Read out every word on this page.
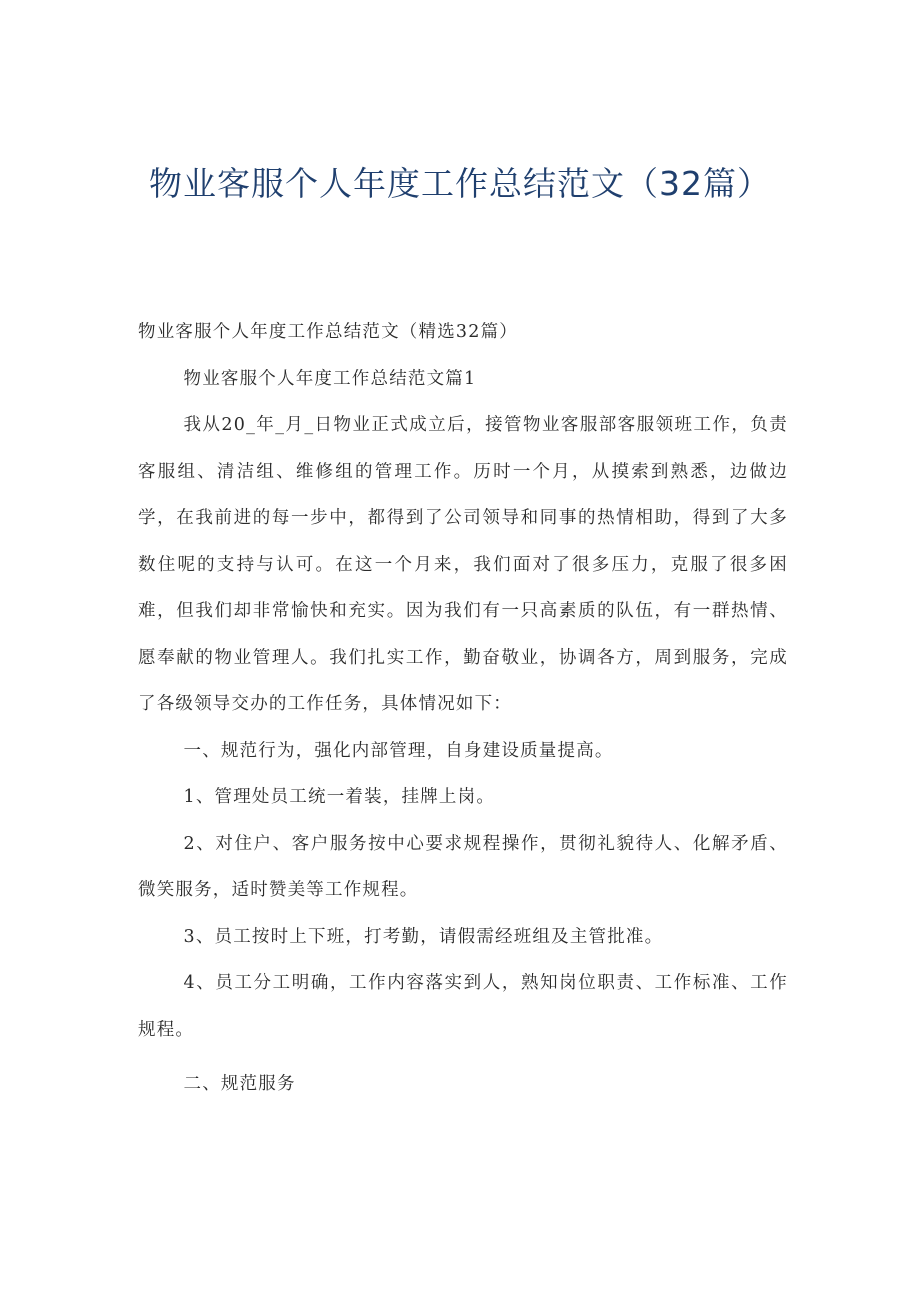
物业客服个人年度工作总结范文（32篇）

物业客服个人年度工作总结范文（精选32篇）

物业客服个人年度工作总结范文篇1

我从20_年_月_日物业正式成立后，接管物业客服部客服领班工作，负责客服组、清洁组、维修组的管理工作。历时一个月，从摸索到熟悉，边做边学，在我前进的每一步中，都得到了公司领导和同事的热情相助，得到了大多数住呢的支持与认可。在这一个月来，我们面对了很多压力，克服了很多困难，但我们却非常愉快和充实。因为我们有一只高素质的队伍，有一群热情、愿奉献的物业管理人。我们扎实工作，勤奋敬业，协调各方，周到服务，完成了各级领导交办的工作任务，具体情况如下：

一、规范行为，强化内部管理，自身建设质量提高。

1、管理处员工统一着装，挂牌上岗。

2、对住户、客户服务按中心要求规程操作，贯彻礼貌待人、化解矛盾、微笑服务，适时赞美等工作规程。

3、员工按时上下班，打考勤，请假需经班组及主管批准。

4、员工分工明确，工作内容落实到人，熟知岗位职责、工作标准、工作规程。

二、规范服务
